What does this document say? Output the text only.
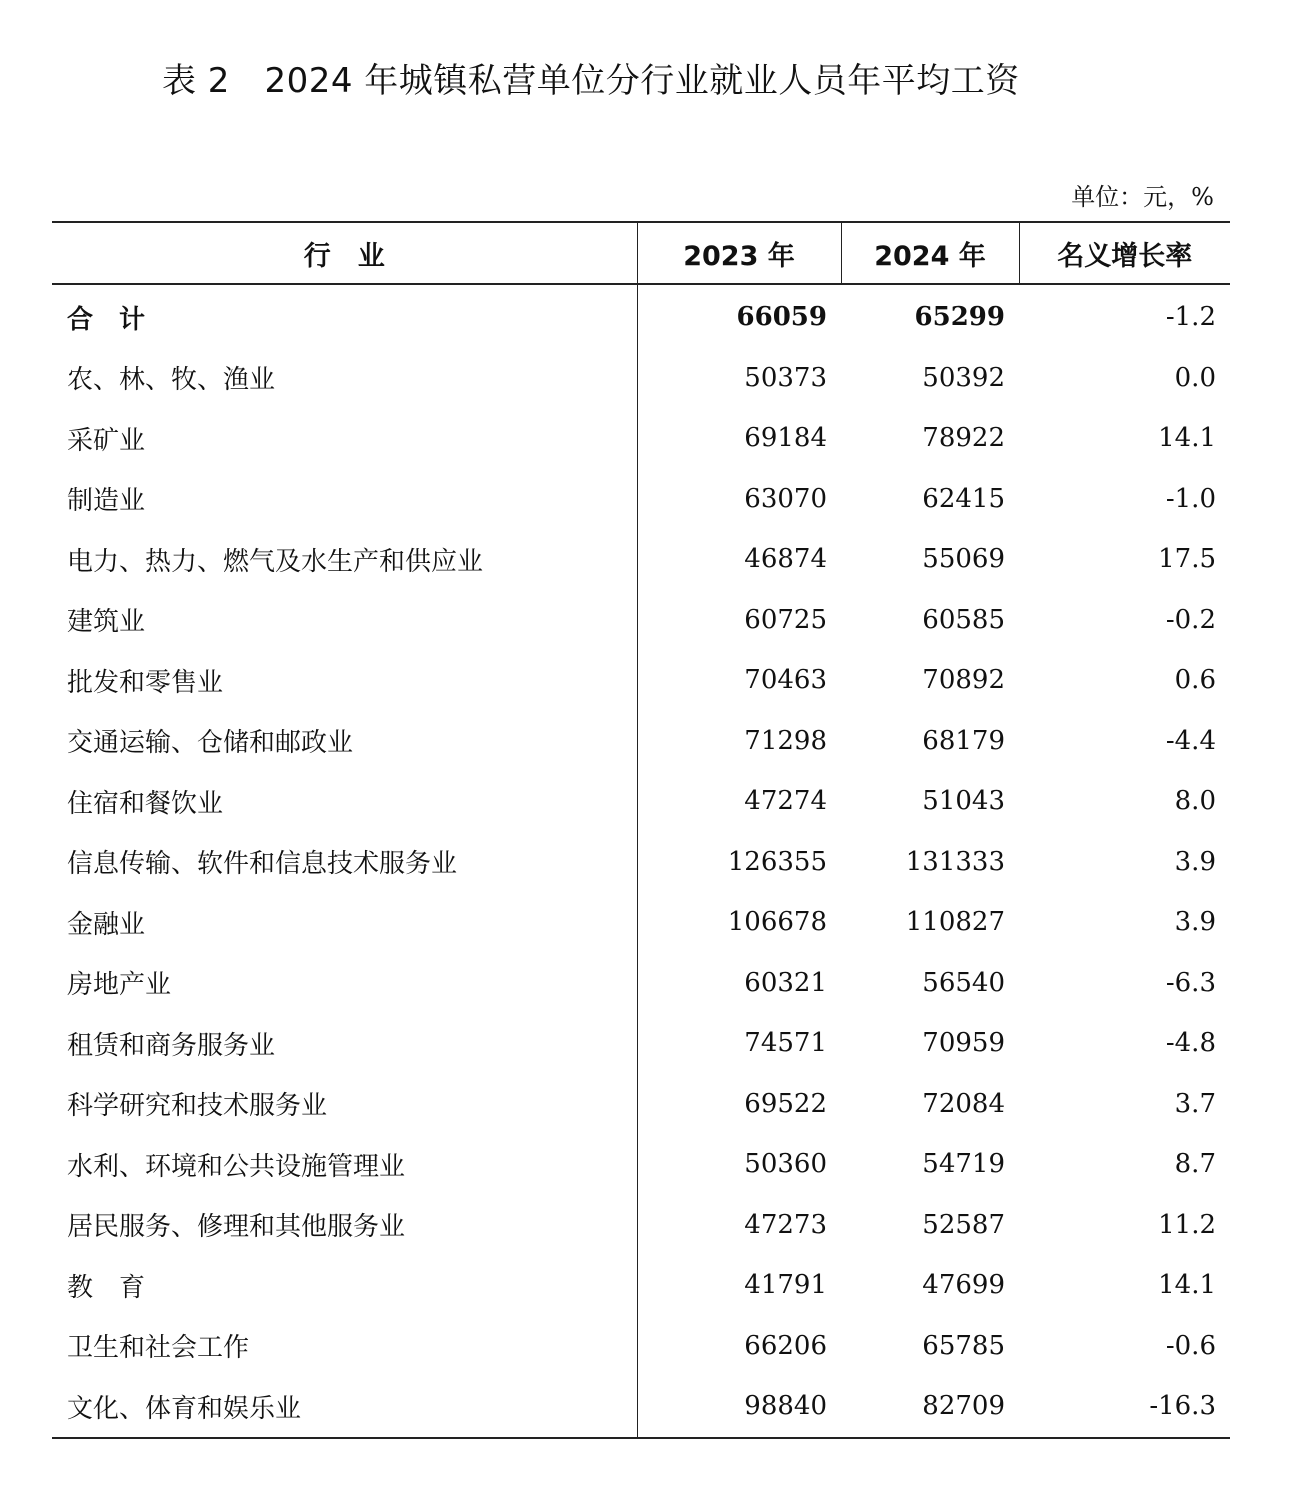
表 2　2024 年城镇私营单位分行业就业人员年平均工资
单位：元，%
行　业	2023 年	2024 年	名义增长率
合　计	66059	65299	-1.2
农、林、牧、渔业	50373	50392	0.0
采矿业	69184	78922	14.1
制造业	63070	62415	-1.0
电力、热力、燃气及水生产和供应业	46874	55069	17.5
建筑业	60725	60585	-0.2
批发和零售业	70463	70892	0.6
交通运输、仓储和邮政业	71298	68179	-4.4
住宿和餐饮业	47274	51043	8.0
信息传输、软件和信息技术服务业	126355	131333	3.9
金融业	106678	110827	3.9
房地产业	60321	56540	-6.3
租赁和商务服务业	74571	70959	-4.8
科学研究和技术服务业	69522	72084	3.7
水利、环境和公共设施管理业	50360	54719	8.7
居民服务、修理和其他服务业	47273	52587	11.2
教　育	41791	47699	14.1
卫生和社会工作	66206	65785	-0.6
文化、体育和娱乐业	98840	82709	-16.3
